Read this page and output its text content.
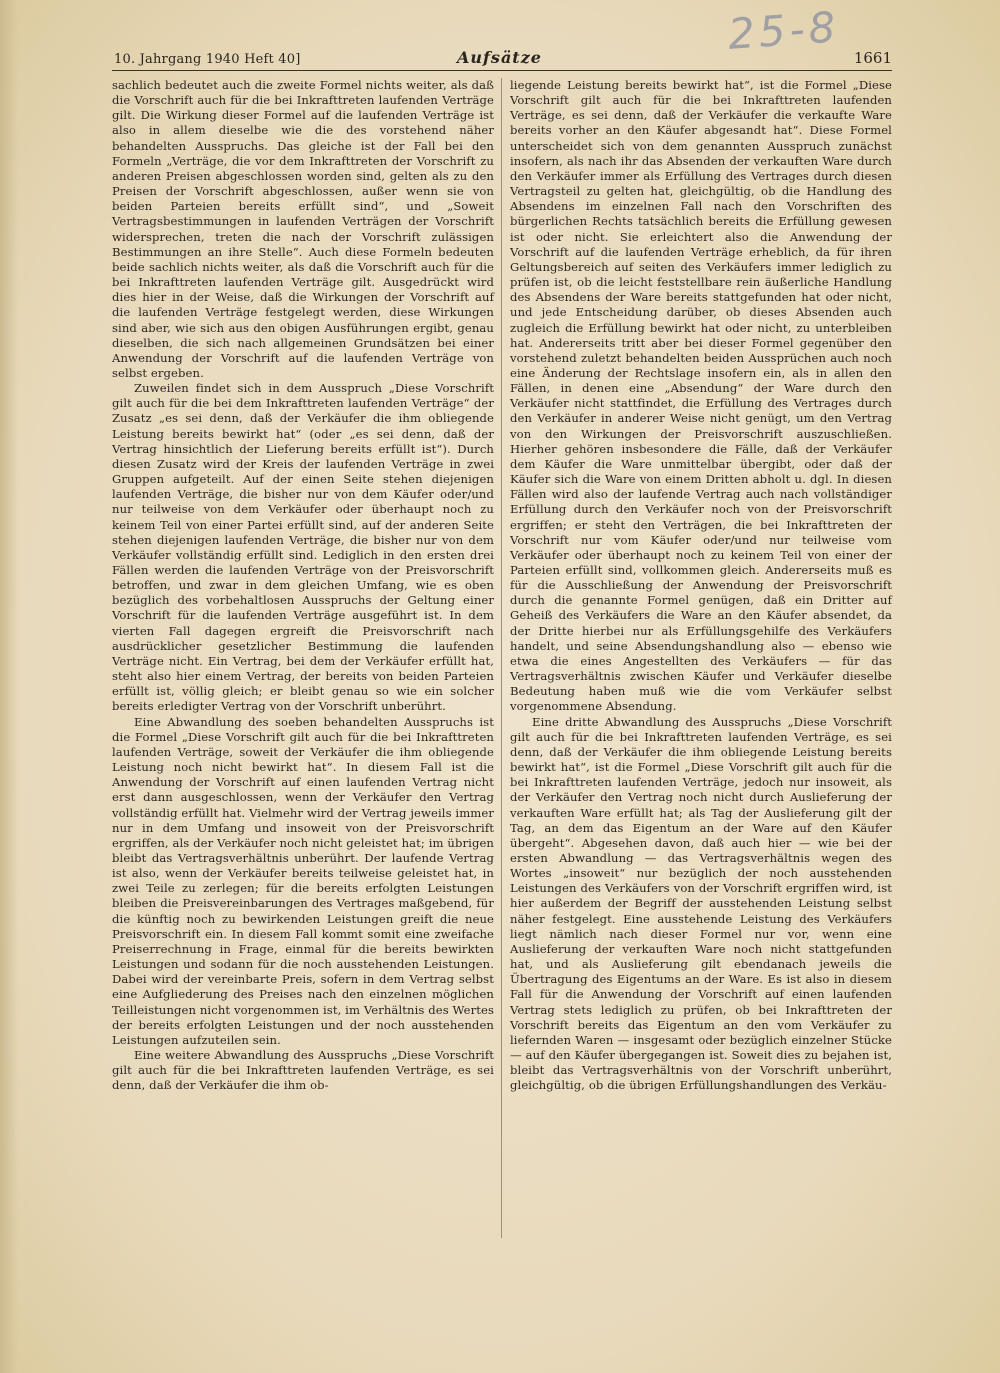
25-8
10. Jahrgang 1940 Heft 40]	Aufsätze	1661

sachlich bedeutet auch die zweite Formel nichts weiter, als daß die Vorschrift auch für die bei Inkrafttreten laufenden Verträge gilt. Die Wirkung dieser Formel auf die laufenden Verträge ist also in allem dieselbe wie die des vorstehend näher behandelten Ausspruchs. Das gleiche ist der Fall bei den Formeln „Verträge, die vor dem Inkrafttreten der Vorschrift zu anderen Preisen abgeschlossen worden sind, gelten als zu den Preisen der Vorschrift abgeschlossen, außer wenn sie von beiden Parteien bereits erfüllt sind“, und „Soweit Vertragsbestimmungen in laufenden Verträgen der Vorschrift widersprechen, treten die nach der Vorschrift zulässigen Bestimmungen an ihre Stelle“. Auch diese Formeln bedeuten beide sachlich nichts weiter, als daß die Vorschrift auch für die bei Inkrafttreten laufenden Verträge gilt. Ausgedrückt wird dies hier in der Weise, daß die Wirkungen der Vorschrift auf die laufenden Verträge festgelegt werden, diese Wirkungen sind aber, wie sich aus den obigen Ausführungen ergibt, genau dieselben, die sich nach allgemeinen Grundsätzen bei einer Anwendung der Vorschrift auf die laufenden Verträge von selbst ergeben.

Zuweilen findet sich in dem Ausspruch „Diese Vorschrift gilt auch für die bei dem Inkrafttreten laufenden Verträge“ der Zusatz „es sei denn, daß der Verkäufer die ihm obliegende Leistung bereits bewirkt hat“ (oder „es sei denn, daß der Vertrag hinsichtlich der Lieferung bereits erfüllt ist“). Durch diesen Zusatz wird der Kreis der laufenden Verträge in zwei Gruppen aufgeteilt. Auf der einen Seite stehen diejenigen laufenden Verträge, die bisher nur von dem Käufer oder/und nur teilweise von dem Verkäufer oder überhaupt noch zu keinem Teil von einer Partei erfüllt sind, auf der anderen Seite stehen diejenigen laufenden Verträge, die bisher nur von dem Verkäufer vollständig erfüllt sind. Lediglich in den ersten drei Fällen werden die laufenden Verträge von der Preisvorschrift betroffen, und zwar in dem gleichen Umfang, wie es oben bezüglich des vorbehaltlosen Ausspruchs der Geltung einer Vorschrift für die laufenden Verträge ausgeführt ist. In dem vierten Fall dagegen ergreift die Preisvorschrift nach ausdrücklicher gesetzlicher Bestimmung die laufenden Verträge nicht. Ein Vertrag, bei dem der Verkäufer erfüllt hat, steht also hier einem Vertrag, der bereits von beiden Parteien erfüllt ist, völlig gleich; er bleibt genau so wie ein solcher bereits erledigter Vertrag von der Vorschrift unberührt.

Eine Abwandlung des soeben behandelten Ausspruchs ist die Formel „Diese Vorschrift gilt auch für die bei Inkrafttreten laufenden Verträge, soweit der Verkäufer die ihm obliegende Leistung noch nicht bewirkt hat“. In diesem Fall ist die Anwendung der Vorschrift auf einen laufenden Vertrag nicht erst dann ausgeschlossen, wenn der Verkäufer den Vertrag vollständig erfüllt hat. Vielmehr wird der Vertrag jeweils immer nur in dem Umfang und insoweit von der Preisvorschrift ergriffen, als der Verkäufer noch nicht geleistet hat; im übrigen bleibt das Vertragsverhältnis unberührt. Der laufende Vertrag ist also, wenn der Verkäufer bereits teilweise geleistet hat, in zwei Teile zu zerlegen; für die bereits erfolgten Leistungen bleiben die Preisvereinbarungen des Vertrages maßgebend, für die künftig noch zu bewirkenden Leistungen greift die neue Preisvorschrift ein. In diesem Fall kommt somit eine zweifache Preiserrechnung in Frage, einmal für die bereits bewirkten Leistungen und sodann für die noch ausstehenden Leistungen. Dabei wird der vereinbarte Preis, sofern in dem Vertrag selbst eine Aufgliederung des Preises nach den einzelnen möglichen Teilleistungen nicht vorgenommen ist, im Verhältnis des Wertes der bereits erfolgten Leistungen und der noch ausstehenden Leistungen aufzuteilen sein.

Eine weitere Abwandlung des Ausspruchs „Diese Vorschrift gilt auch für die bei Inkrafttreten laufenden Verträge, es sei denn, daß der Verkäufer die ihm ob-

liegende Leistung bereits bewirkt hat“, ist die Formel „Diese Vorschrift gilt auch für die bei Inkrafttreten laufenden Verträge, es sei denn, daß der Verkäufer die verkaufte Ware bereits vorher an den Käufer abgesandt hat“. Diese Formel unterscheidet sich von dem genannten Ausspruch zunächst insofern, als nach ihr das Absenden der verkauften Ware durch den Verkäufer immer als Erfüllung des Vertrages durch diesen Vertragsteil zu gelten hat, gleichgültig, ob die Handlung des Absendens im einzelnen Fall nach den Vorschriften des bürgerlichen Rechts tatsächlich bereits die Erfüllung gewesen ist oder nicht. Sie erleichtert also die Anwendung der Vorschrift auf die laufenden Verträge erheblich, da für ihren Geltungsbereich auf seiten des Verkäufers immer lediglich zu prüfen ist, ob die leicht feststellbare rein äußerliche Handlung des Absendens der Ware bereits stattgefunden hat oder nicht, und jede Entscheidung darüber, ob dieses Absenden auch zugleich die Erfüllung bewirkt hat oder nicht, zu unterbleiben hat. Andererseits tritt aber bei dieser Formel gegenüber den vorstehend zuletzt behandelten beiden Aussprüchen auch noch eine Änderung der Rechtslage insofern ein, als in allen den Fällen, in denen eine „Absendung“ der Ware durch den Verkäufer nicht stattfindet, die Erfüllung des Vertrages durch den Verkäufer in anderer Weise nicht genügt, um den Vertrag von den Wirkungen der Preisvorschrift auszuschließen. Hierher gehören insbesondere die Fälle, daß der Verkäufer dem Käufer die Ware unmittelbar übergibt, oder daß der Käufer sich die Ware von einem Dritten abholt u. dgl. In diesen Fällen wird also der laufende Vertrag auch nach vollständiger Erfüllung durch den Verkäufer noch von der Preisvorschrift ergriffen; er steht den Verträgen, die bei Inkrafttreten der Vorschrift nur vom Käufer oder/und nur teilweise vom Verkäufer oder überhaupt noch zu keinem Teil von einer der Parteien erfüllt sind, vollkommen gleich. Andererseits muß es für die Ausschließung der Anwendung der Preisvorschrift durch die genannte Formel genügen, daß ein Dritter auf Geheiß des Verkäufers die Ware an den Käufer absendet, da der Dritte hierbei nur als Erfüllungsgehilfe des Verkäufers handelt, und seine Absendungshandlung also — ebenso wie etwa die eines Angestellten des Verkäufers — für das Vertragsverhältnis zwischen Käufer und Verkäufer dieselbe Bedeutung haben muß wie die vom Verkäufer selbst vorgenommene Absendung.

Eine dritte Abwandlung des Ausspruchs „Diese Vorschrift gilt auch für die bei Inkrafttreten laufenden Verträge, es sei denn, daß der Verkäufer die ihm obliegende Leistung bereits bewirkt hat“, ist die Formel „Diese Vorschrift gilt auch für die bei Inkrafttreten laufenden Verträge, jedoch nur insoweit, als der Verkäufer den Vertrag noch nicht durch Auslieferung der verkauften Ware erfüllt hat; als Tag der Auslieferung gilt der Tag, an dem das Eigentum an der Ware auf den Käufer übergeht“. Abgesehen davon, daß auch hier — wie bei der ersten Abwandlung — das Vertragsverhältnis wegen des Wortes „insoweit“ nur bezüglich der noch ausstehenden Leistungen des Verkäufers von der Vorschrift ergriffen wird, ist hier außerdem der Begriff der ausstehenden Leistung selbst näher festgelegt. Eine ausstehende Leistung des Verkäufers liegt nämlich nach dieser Formel nur vor, wenn eine Auslieferung der verkauften Ware noch nicht stattgefunden hat, und als Auslieferung gilt ebendanach jeweils die Übertragung des Eigentums an der Ware. Es ist also in diesem Fall für die Anwendung der Vorschrift auf einen laufenden Vertrag stets lediglich zu prüfen, ob bei Inkrafttreten der Vorschrift bereits das Eigentum an den vom Verkäufer zu liefernden Waren — insgesamt oder bezüglich einzelner Stücke — auf den Käufer übergegangen ist. Soweit dies zu bejahen ist, bleibt das Vertragsverhältnis von der Vorschrift unberührt, gleichgültig, ob die übrigen Erfüllungshandlungen des Verkäu-
